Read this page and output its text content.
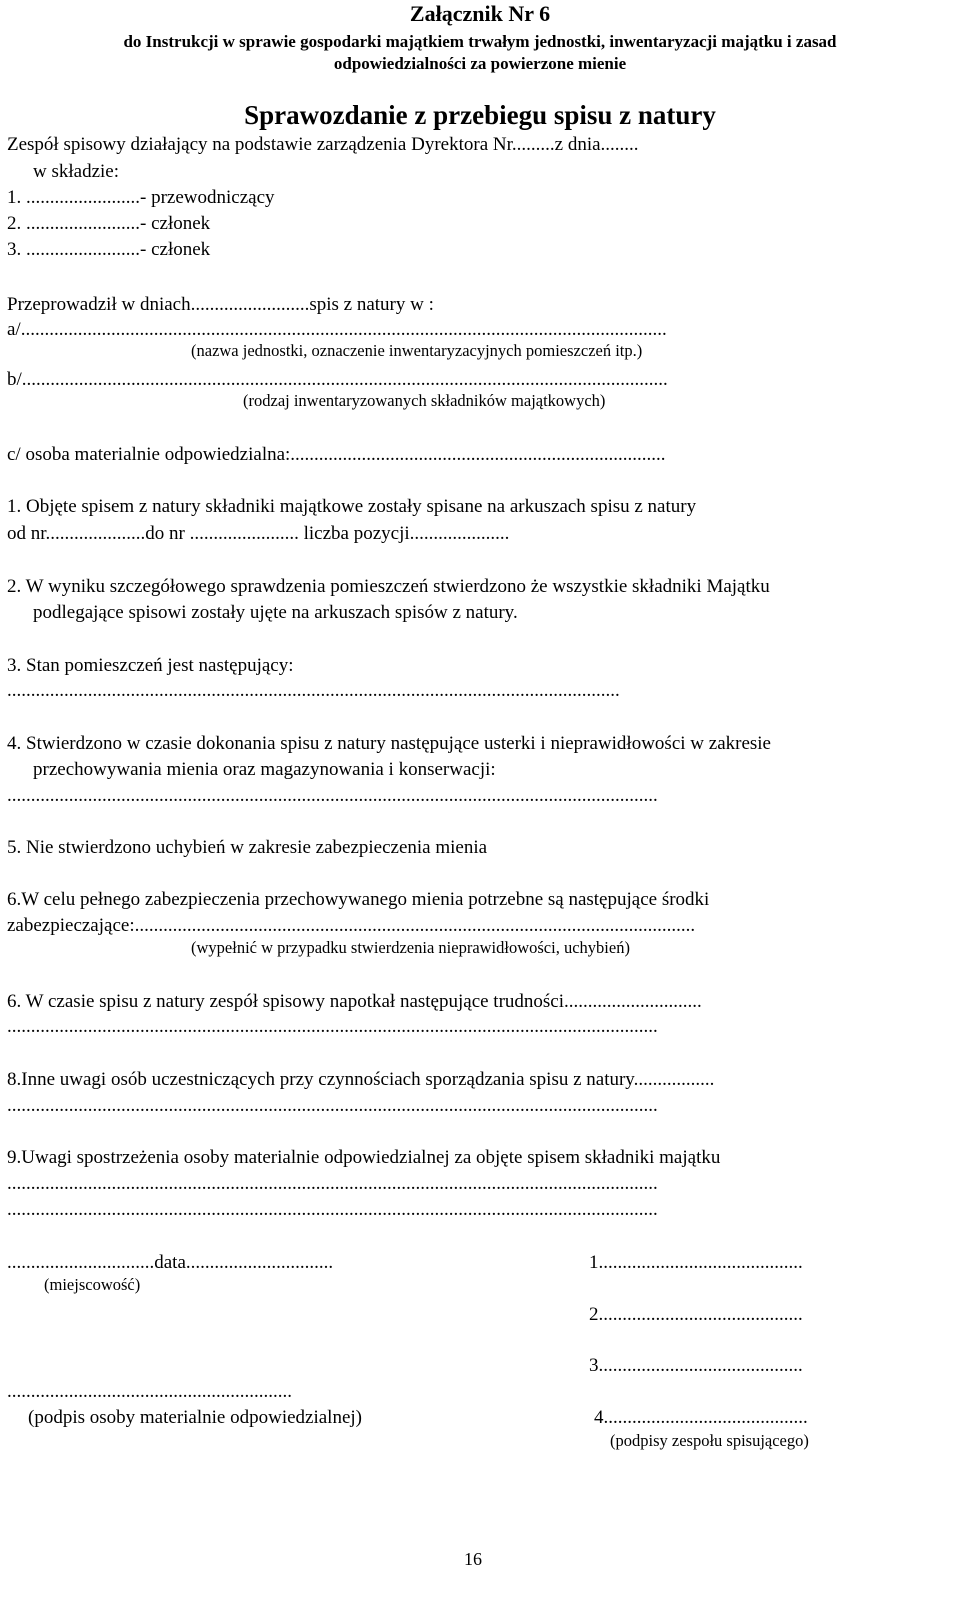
Załącznik Nr 6
do Instrukcji w sprawie gospodarki majątkiem trwałym jednostki, inwentaryzacji majątku i zasad
odpowiedzialności za powierzone mienie
Sprawozdanie z przebiegu spisu z natury
Zespół spisowy działający na podstawie zarządzenia Dyrektora Nr.........z dnia........
w składzie:
1. ........................- przewodniczący
2. ........................- członek
3. ........................- członek
Przeprowadził w dniach.........................spis z natury w :
a/........................................................................................................................................
(nazwa jednostki, oznaczenie inwentaryzacyjnych pomieszczeń itp.)
b/........................................................................................................................................
(rodzaj inwentaryzowanych składników majątkowych)
c/ osoba materialnie odpowiedzialna:...............................................................................
1. Objęte spisem z natury składniki majątkowe zostały spisane na arkuszach spisu z natury
od nr.....................do nr ....................... liczba pozycji.....................
2. W wyniku szczegółowego sprawdzenia pomieszczeń stwierdzono że wszystkie składniki Majątku
podlegające spisowi zostały ujęte na arkuszach spisów z natury.
3. Stan pomieszczeń jest następujący:
.................................................................................................................................
4. Stwierdzono w czasie dokonania spisu z natury następujące usterki i nieprawidłowości w zakresie
przechowywania mienia oraz magazynowania i konserwacji:
.........................................................................................................................................
5. Nie stwierdzono uchybień w zakresie zabezpieczenia mienia
6.W celu pełnego zabezpieczenia przechowywanego mienia potrzebne są następujące środki
zabezpieczające:......................................................................................................................
(wypełnić w przypadku stwierdzenia nieprawidłowości, uchybień)
6. W czasie spisu z natury zespół spisowy napotkał następujące trudności.............................
.........................................................................................................................................
8.Inne uwagi osób uczestniczących przy czynnościach sporządzania spisu z natury.................
.........................................................................................................................................
9.Uwagi spostrzeżenia osoby materialnie odpowiedzialnej za objęte spisem składniki majątku
.........................................................................................................................................
.........................................................................................................................................
...............................data...............................
(miejscowość)
............................................................
(podpis osoby materialnie odpowiedzialnej)
1...........................................
2...........................................
3...........................................
4...........................................
(podpisy zespołu spisującego)
16
